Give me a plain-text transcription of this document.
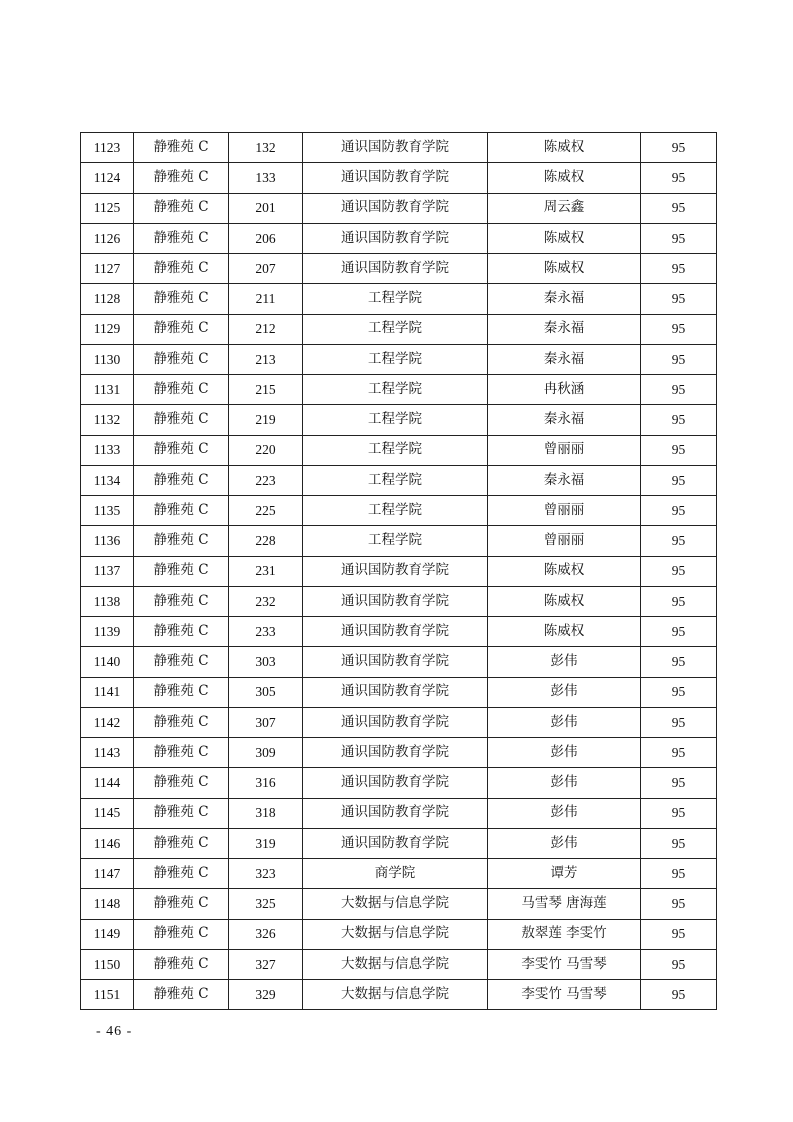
1123	静雅苑 C	132	通识国防教育学院	陈威权	95
1124	静雅苑 C	133	通识国防教育学院	陈威权	95
1125	静雅苑 C	201	通识国防教育学院	周云鑫	95
1126	静雅苑 C	206	通识国防教育学院	陈威权	95
1127	静雅苑 C	207	通识国防教育学院	陈威权	95
1128	静雅苑 C	211	工程学院	秦永福	95
1129	静雅苑 C	212	工程学院	秦永福	95
1130	静雅苑 C	213	工程学院	秦永福	95
1131	静雅苑 C	215	工程学院	冉秋涵	95
1132	静雅苑 C	219	工程学院	秦永福	95
1133	静雅苑 C	220	工程学院	曾丽丽	95
1134	静雅苑 C	223	工程学院	秦永福	95
1135	静雅苑 C	225	工程学院	曾丽丽	95
1136	静雅苑 C	228	工程学院	曾丽丽	95
1137	静雅苑 C	231	通识国防教育学院	陈威权	95
1138	静雅苑 C	232	通识国防教育学院	陈威权	95
1139	静雅苑 C	233	通识国防教育学院	陈威权	95
1140	静雅苑 C	303	通识国防教育学院	彭伟	95
1141	静雅苑 C	305	通识国防教育学院	彭伟	95
1142	静雅苑 C	307	通识国防教育学院	彭伟	95
1143	静雅苑 C	309	通识国防教育学院	彭伟	95
1144	静雅苑 C	316	通识国防教育学院	彭伟	95
1145	静雅苑 C	318	通识国防教育学院	彭伟	95
1146	静雅苑 C	319	通识国防教育学院	彭伟	95
1147	静雅苑 C	323	商学院	谭芳	95
1148	静雅苑 C	325	大数据与信息学院	马雪琴 唐海莲	95
1149	静雅苑 C	326	大数据与信息学院	敖翠莲 李雯竹	95
1150	静雅苑 C	327	大数据与信息学院	李雯竹 马雪琴	95
1151	静雅苑 C	329	大数据与信息学院	李雯竹 马雪琴	95
- 46 -
